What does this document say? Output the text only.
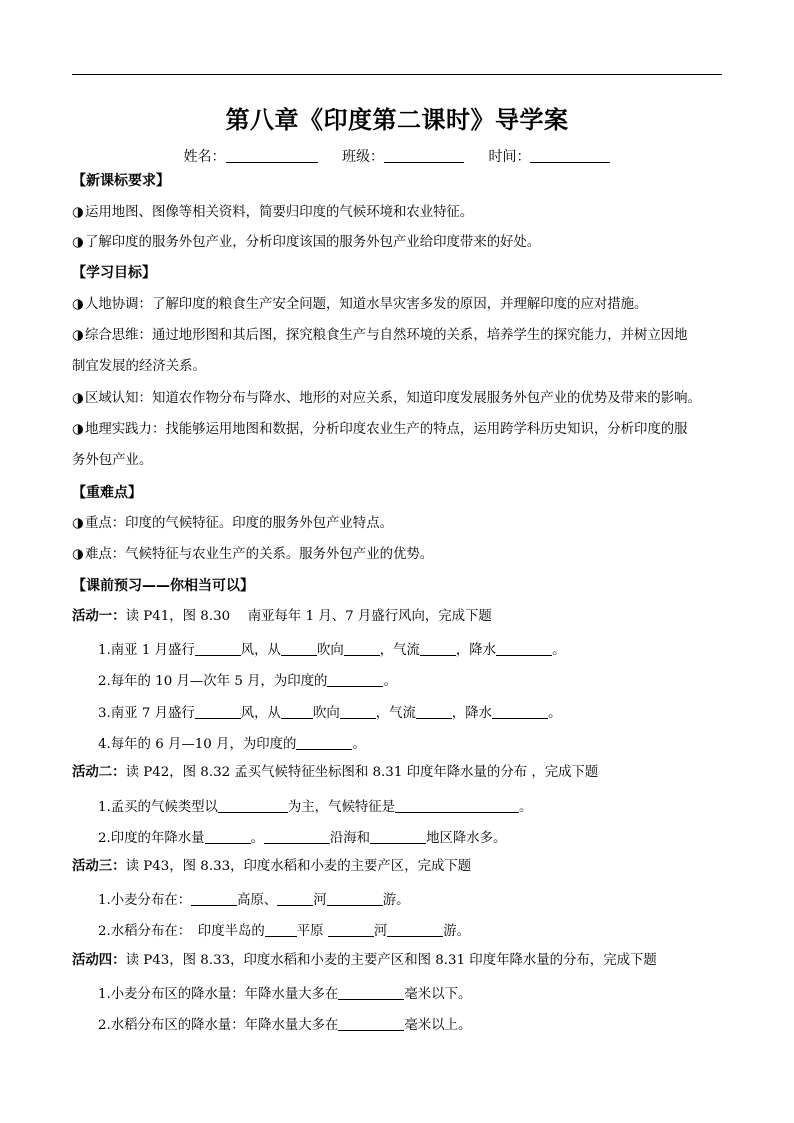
第八章《印度第二课时》导学案
姓名：	班级：	时间：
【新课标要求】
◑运用地图、图像等相关资料，简要归印度的气候环境和农业特征。
◑了解印度的服务外包产业，分析印度该国的服务外包产业给印度带来的好处。
【学习目标】
◑人地协调：了解印度的粮食生产安全问题，知道水旱灾害多发的原因，并理解印度的应对措施。
◑综合思维：通过地形图和其后图，探究粮食生产与自然环境的关系，培养学生的探究能力，并树立因地
制宜发展的经济关系。
◑区域认知：知道农作物分布与降水、地形的对应关系，知道印度发展服务外包产业的优势及带来的影响。
◑地理实践力：找能够运用地图和数据，分析印度农业生产的特点，运用跨学科历史知识，分析印度的服
务外包产业。
【重难点】
◑重点：印度的气候特征。印度的服务外包产业特点。
◑难点：气候特征与农业生产的关系。服务外包产业的优势。
【课前预习——你相当可以】
活动一：读 P41，图 8.30　 南亚每年 1 月、7 月盛行风向，完成下题
1.南亚 1 月盛行	风，从	吹向	，气流	，降水	。
2.每年的 10 月—次年 5 月，为印度的	。
3.南亚 7 月盛行	风，从 吹向	，气流	，降水	。
4.每年的 6 月—10 月，为印度的	。
活动二：读 P42，图 8.32 孟买气候特征坐标图和 8.31 印度年降水量的分布 ，完成下题
1.孟买的气候类型以	为主，气候特征是	。
2.印度的年降水量	。	沿海和	地区降水多。
活动三：读 P43，图 8.33，印度水稻和小麦的主要产区，完成下题
1.小麦分布在：	高原、	河	游。
2.水稻分布在：　印度半岛的 平原	河	游。
活动四：读 P43，图 8.33，印度水稻和小麦的主要产区和图 8.31 印度年降水量的分布，完成下题
1.小麦分布区的降水量：年降水量大多在	毫米以下。
2.水稻分布区的降水量：年降水量大多在	毫米以上。
